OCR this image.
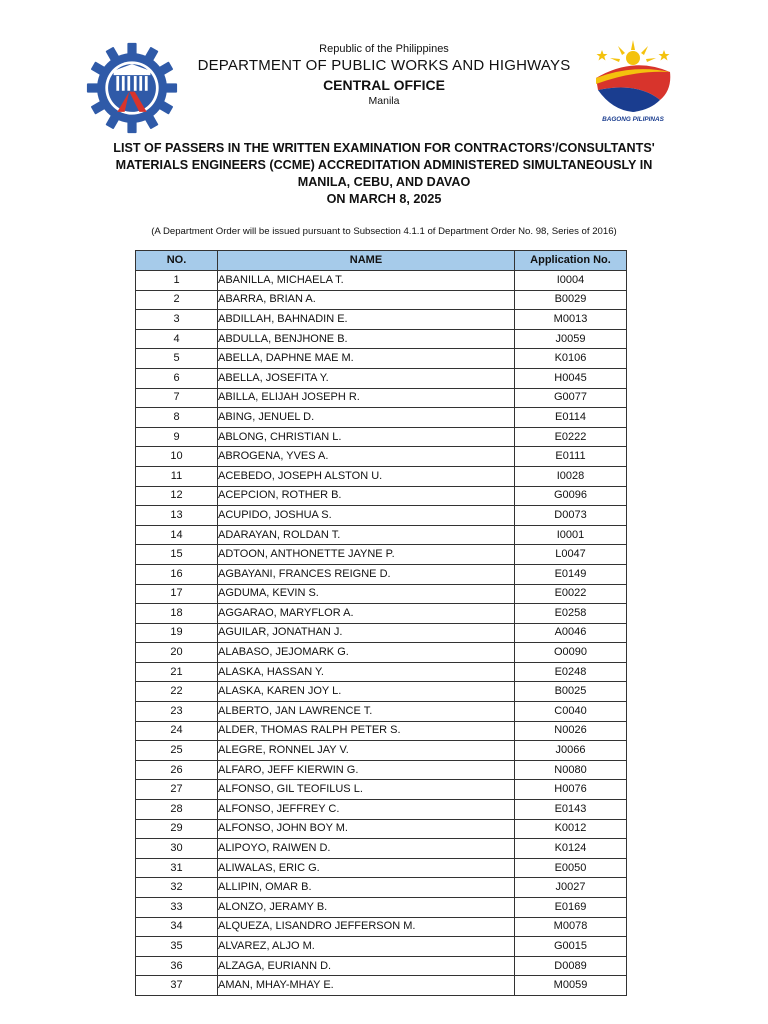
Republic of the Philippines
DEPARTMENT OF PUBLIC WORKS AND HIGHWAYS
CENTRAL OFFICE
Manila
BAGONG PILIPINAS
LIST OF PASSERS IN THE WRITTEN EXAMINATION FOR CONTRACTORS'/CONSULTANTS'
MATERIALS ENGINEERS (CCME) ACCREDITATION ADMINISTERED SIMULTANEOUSLY IN
MANILA, CEBU, AND DAVAO
ON MARCH 8, 2025
(A Department Order will be issued pursuant to Subsection 4.1.1 of Department Order No. 98, Series of 2016)
NO.	NAME	Application No.
1	ABANILLA, MICHAELA T.	I0004
2	ABARRA, BRIAN A.	B0029
3	ABDILLAH, BAHNADIN E.	M0013
4	ABDULLA, BENJHONE B.	J0059
5	ABELLA, DAPHNE MAE M.	K0106
6	ABELLA, JOSEFITA Y.	H0045
7	ABILLA, ELIJAH JOSEPH R.	G0077
8	ABING, JENUEL D.	E0114
9	ABLONG, CHRISTIAN L.	E0222
10	ABROGENA, YVES A.	E0111
11	ACEBEDO, JOSEPH ALSTON U.	I0028
12	ACEPCION, ROTHER B.	G0096
13	ACUPIDO, JOSHUA S.	D0073
14	ADARAYAN, ROLDAN T.	I0001
15	ADTOON, ANTHONETTE JAYNE P.	L0047
16	AGBAYANI, FRANCES REIGNE D.	E0149
17	AGDUMA, KEVIN S.	E0022
18	AGGARAO, MARYFLOR A.	E0258
19	AGUILAR, JONATHAN J.	A0046
20	ALABASO, JEJOMARK G.	O0090
21	ALASKA, HASSAN Y.	E0248
22	ALASKA, KAREN JOY L.	B0025
23	ALBERTO, JAN LAWRENCE T.	C0040
24	ALDER, THOMAS RALPH PETER S.	N0026
25	ALEGRE, RONNEL JAY V.	J0066
26	ALFARO, JEFF KIERWIN G.	N0080
27	ALFONSO, GIL TEOFILUS L.	H0076
28	ALFONSO, JEFFREY C.	E0143
29	ALFONSO, JOHN BOY M.	K0012
30	ALIPOYO, RAIWEN D.	K0124
31	ALIWALAS, ERIC G.	E0050
32	ALLIPIN, OMAR B.	J0027
33	ALONZO, JERAMY B.	E0169
34	ALQUEZA, LISANDRO JEFFERSON M.	M0078
35	ALVAREZ, ALJO M.	G0015
36	ALZAGA, EURIANN D.	D0089
37	AMAN, MHAY-MHAY E.	M0059
